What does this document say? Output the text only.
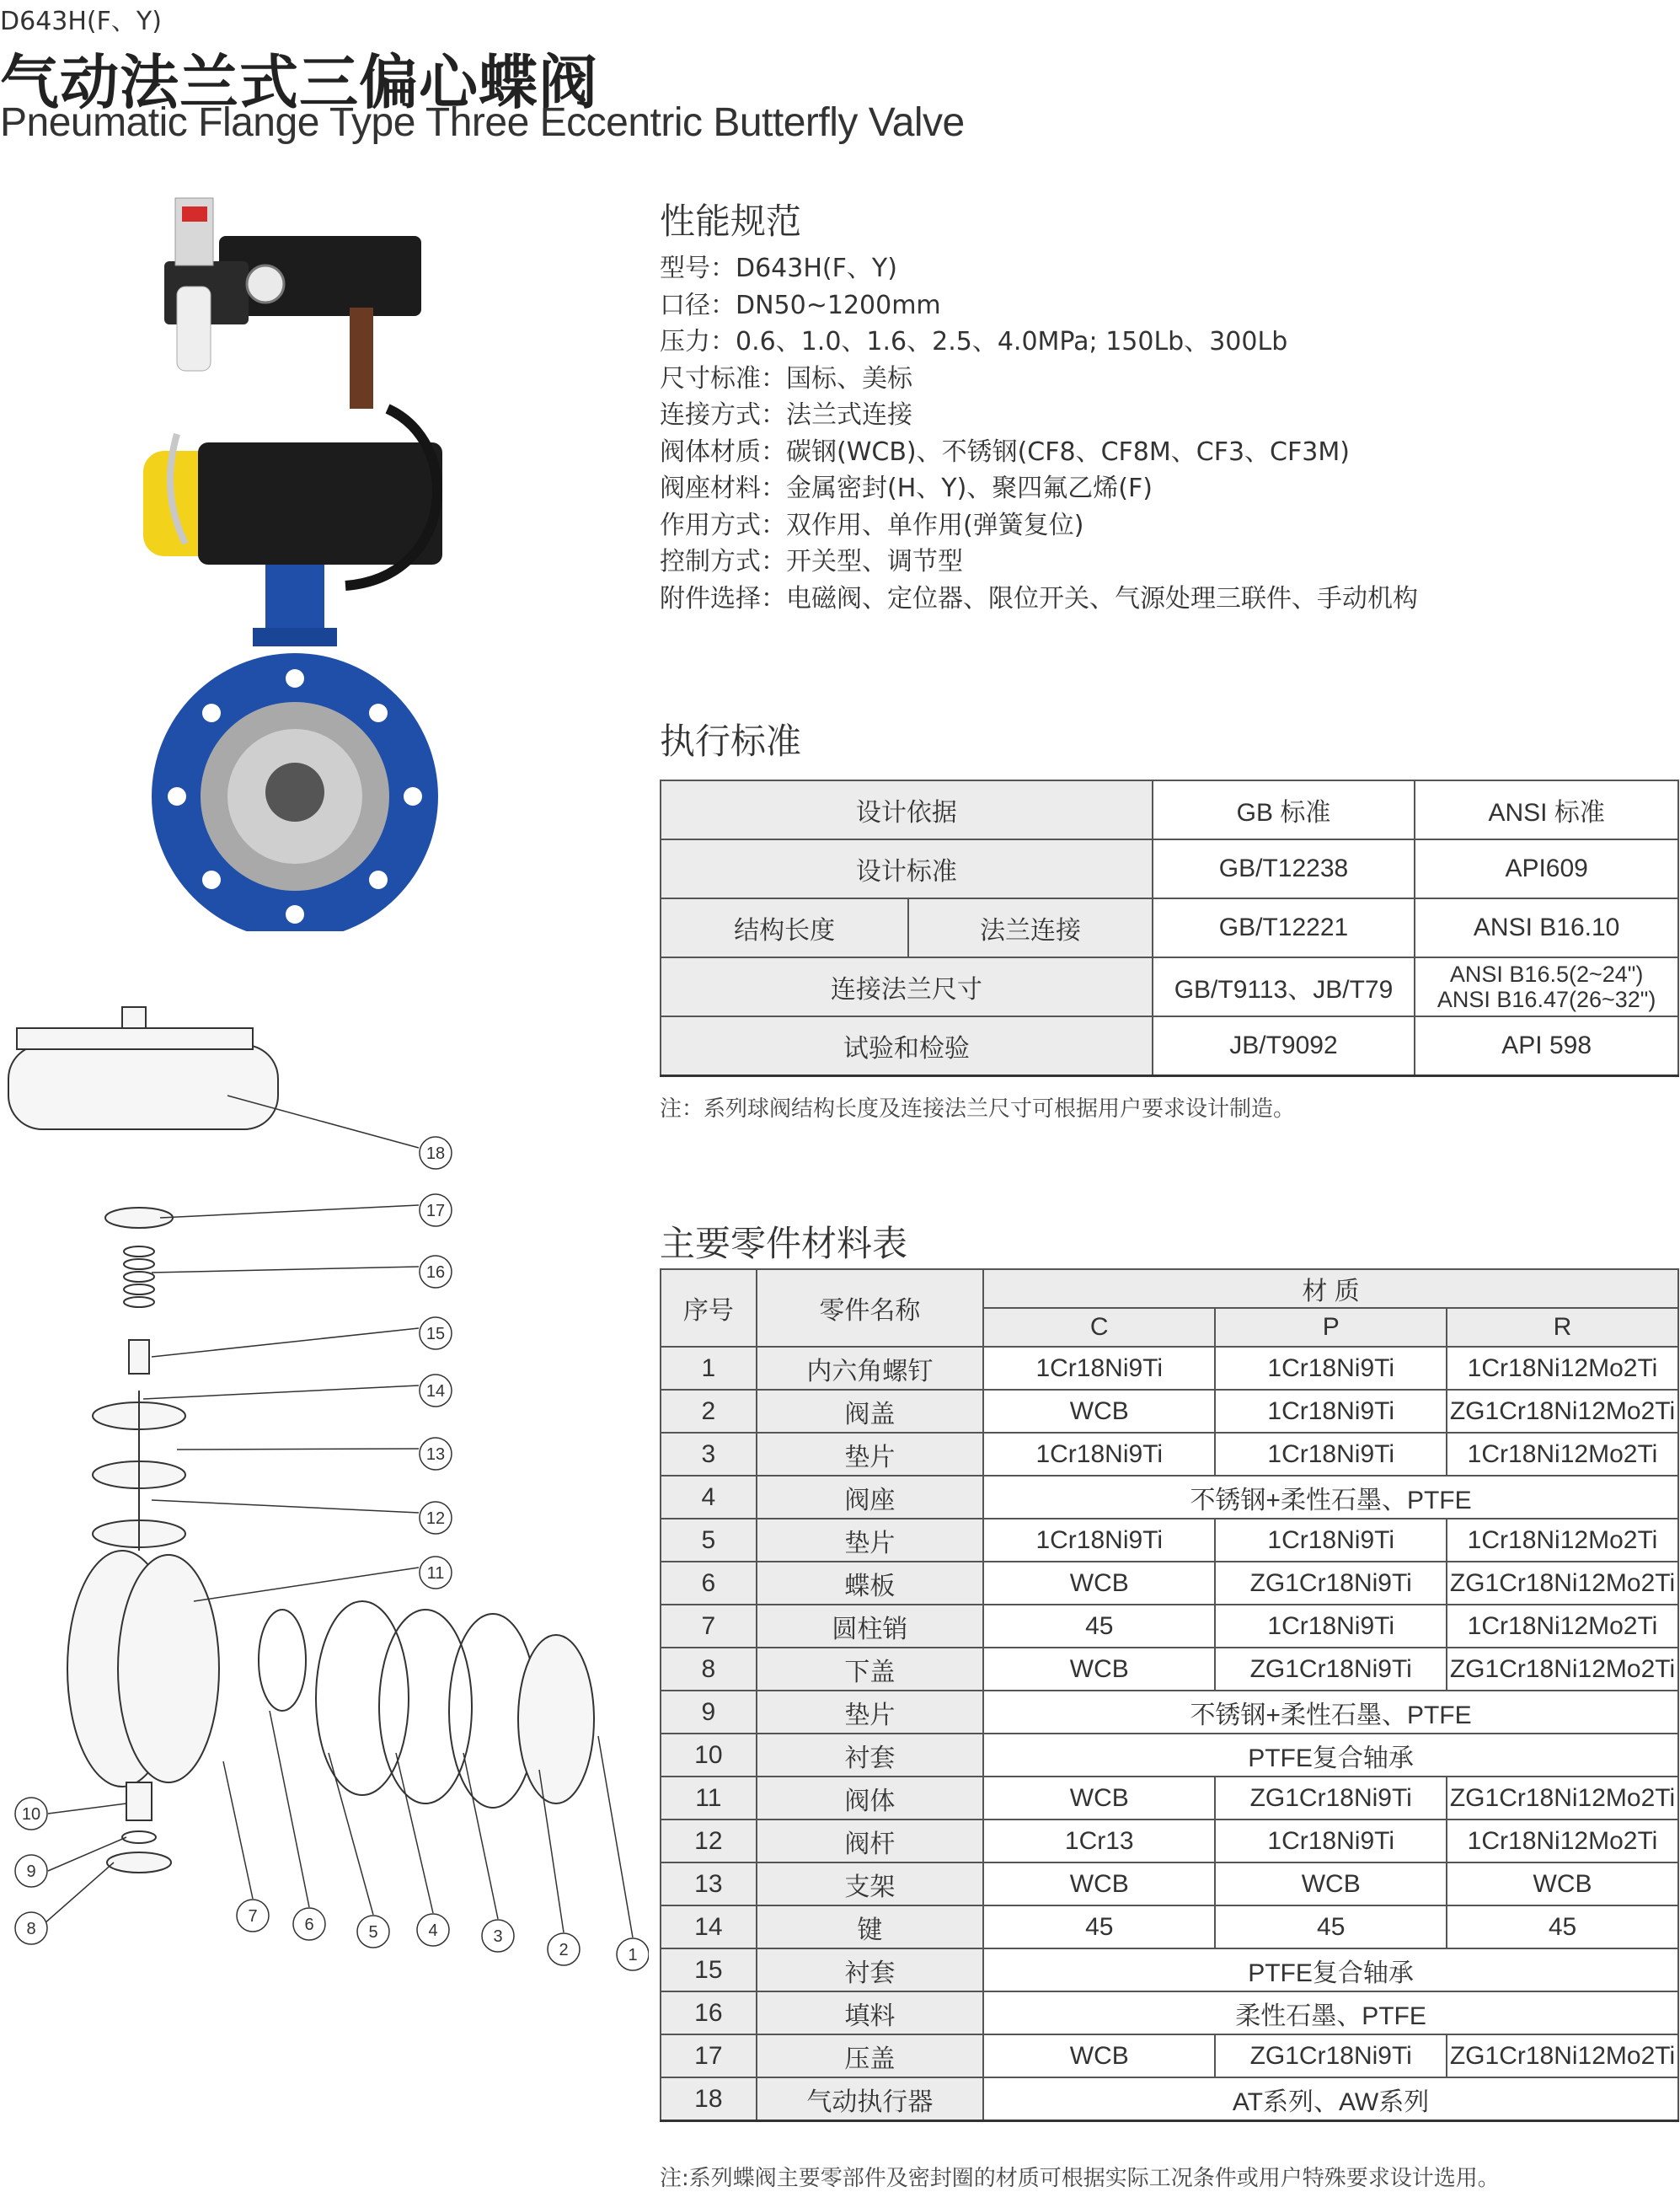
D643H(F、Y)
气动法兰式三偏心蝶阀
Pneumatic Flange Type Three Eccentric Butterfly Valve
1
2
3
4
5
6
7
8
9
10
11
12
13
14
15
16
17
18
性能规范
型号：D643H(F、Y)
口径：DN50~1200mm
压力：0.6、1.0、1.6、2.5、4.0MPa; 150Lb、300Lb
尺寸标准：国标、美标
连接方式：法兰式连接
阀体材质：碳钢(WCB)、不锈钢(CF8、CF8M、CF3、CF3M)
阀座材料：金属密封(H、Y)、聚四氟乙烯(F)
作用方式：双作用、单作用(弹簧复位)
控制方式：开关型、调节型
附件选择：电磁阀、定位器、限位开关、气源处理三联件、手动机构
执行标准
设计依据		GB 标准	ANSI 标准
设计标准		GB/T12238	API609
结构长度	法兰连接	GB/T12221	ANSI B16.10
连接法兰尺寸		GB/T9113、JB/T79	ANSI B16.5(2~24")
ANSI B16.47(26~32")

试验和检验		JB/T9092	API 598
注：系列球阀结构长度及连接法兰尺寸可根据用户要求设计制造。
主要零件材料表
序号	零件名称	材 质		
		C	P	R
1	内六角螺钉	1Cr18Ni9Ti	1Cr18Ni9Ti	1Cr18Ni12Mo2Ti
2	阀盖	WCB	1Cr18Ni9Ti	ZG1Cr18Ni12Mo2Ti
3	垫片	1Cr18Ni9Ti	1Cr18Ni9Ti	1Cr18Ni12Mo2Ti
4	阀座	不锈钢+柔性石墨、PTFE		
5	垫片	1Cr18Ni9Ti	1Cr18Ni9Ti	1Cr18Ni12Mo2Ti
6	蝶板	WCB	ZG1Cr18Ni9Ti	ZG1Cr18Ni12Mo2Ti
7	圆柱销	45	1Cr18Ni9Ti	1Cr18Ni12Mo2Ti
8	下盖	WCB	ZG1Cr18Ni9Ti	ZG1Cr18Ni12Mo2Ti
9	垫片	不锈钢+柔性石墨、PTFE		
10	衬套	PTFE复合轴承		
11	阀体	WCB	ZG1Cr18Ni9Ti	ZG1Cr18Ni12Mo2Ti
12	阀杆	1Cr13	1Cr18Ni9Ti	1Cr18Ni12Mo2Ti
13	支架	WCB	WCB	WCB
14	键	45	45	45
15	衬套	PTFE复合轴承		
16	填料	柔性石墨、PTFE		
17	压盖	WCB	ZG1Cr18Ni9Ti	ZG1Cr18Ni12Mo2Ti
18	气动执行器	AT系列、AW系列		
注:系列蝶阀主要零部件及密封圈的材质可根据实际工况条件或用户特殊要求设计选用。
